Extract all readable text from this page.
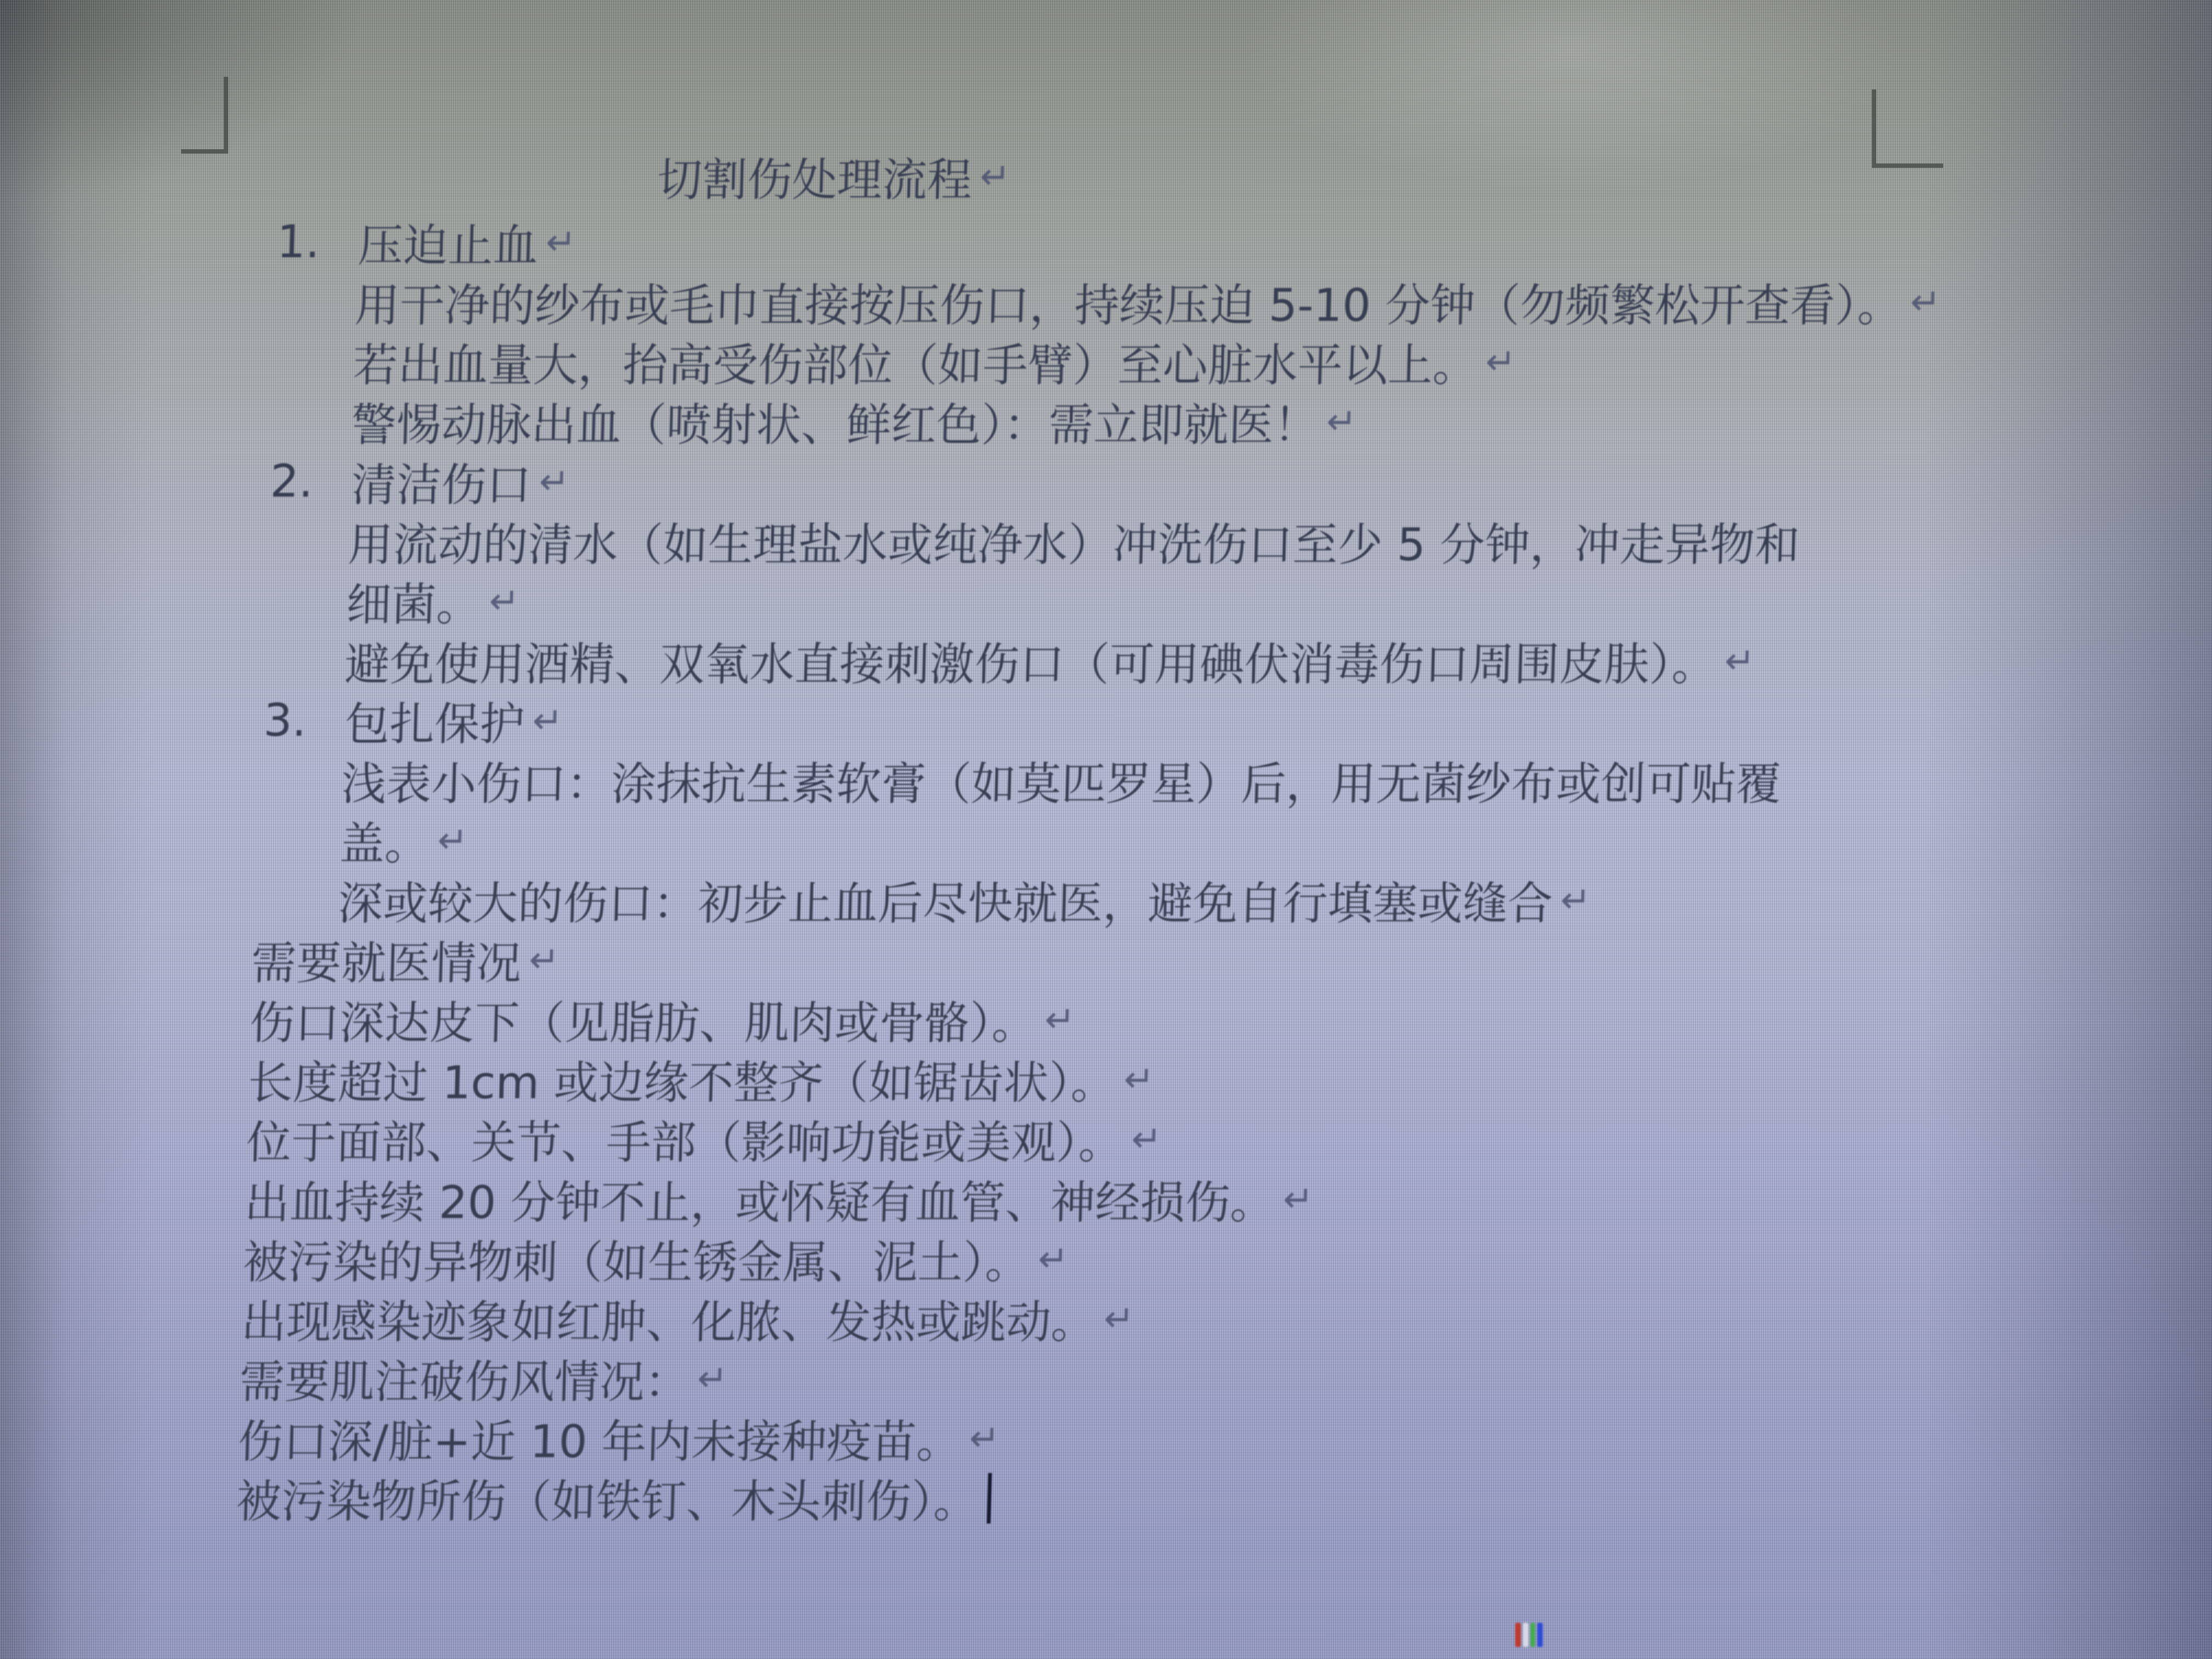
切割伤处理流程 ↵
1. 压迫止血 ↵
用干净的纱布或毛巾直接按压伤口，持续压迫 5-10 分钟（勿频繁松开查看）。 ↵
若出血量大，抬高受伤部位（如手臂）至心脏水平以上。 ↵
警惕动脉出血（喷射状、鲜红色）：需立即就医！ ↵
2. 清洁伤口 ↵
用流动的清水（如生理盐水或纯净水）冲洗伤口至少 5 分钟，冲走异物和
细菌。 ↵
避免使用酒精、双氧水直接刺激伤口（可用碘伏消毒伤口周围皮肤）。 ↵
3. 包扎保护 ↵
浅表小伤口：涂抹抗生素软膏（如莫匹罗星）后，用无菌纱布或创可贴覆
盖。 ↵
深或较大的伤口：初步止血后尽快就医，避免自行填塞或缝合 ↵
需要就医情况 ↵
伤口深达皮下（见脂肪、肌肉或骨骼）。 ↵
长度超过 1cm 或边缘不整齐（如锯齿状）。 ↵
位于面部、关节、手部（影响功能或美观）。 ↵
出血持续 20 分钟不止，或怀疑有血管、神经损伤。 ↵
被污染的异物刺（如生锈金属、泥土）。 ↵
出现感染迹象如红肿、化脓、发热或跳动。 ↵
需要肌注破伤风情况： ↵
伤口深/脏+近 10 年内未接种疫苗。 ↵
被污染物所伤（如铁钉、木头刺伤）。
